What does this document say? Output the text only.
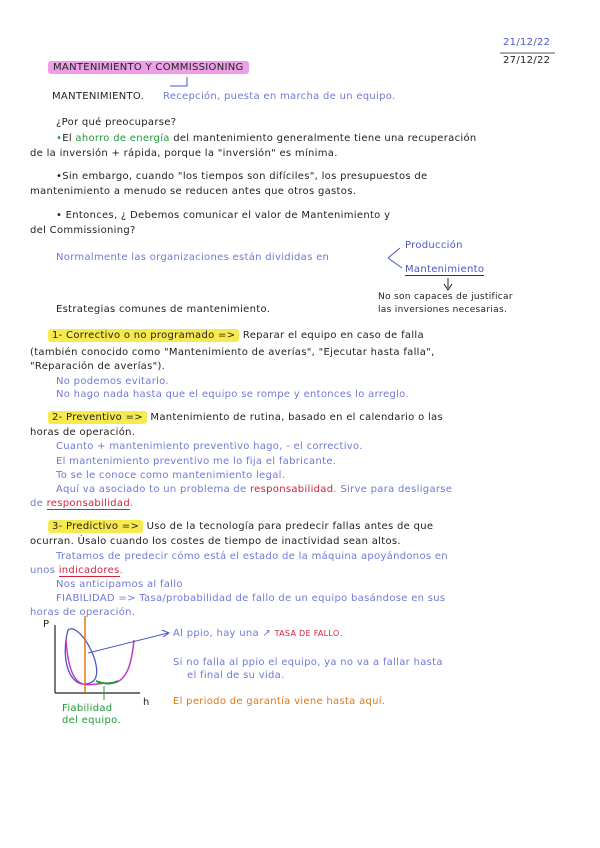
21/12/22
27/12/22
MANTENIMIENTO Y COMMISSIONING
MANTENIMIENTO. Recepción, puesta en marcha de un equipo.
¿Por qué preocuparse?
•El ahorro de energía del mantenimiento generalmente tiene una recuperación
de la inversión + rápida, porque la "inversión" es mínima.
•Sin embargo, cuando "los tiempos son difíciles", los presupuestos de
mantenimiento a menudo se reducen antes que otros gastos.
• Entonces, ¿ Debemos comunicar el valor de Mantenimiento y
del Commissioning?
Normalmente las organizaciones están divididas en
Producción
Mantenimiento
No son capaces de justificar
las inversiones necesarias.
Estrategias comunes de mantenimiento.
1- Correctivo o no programado => Reparar el equipo en caso de falla
(también conocido como "Mantenimiento de averías", "Ejecutar hasta falla",
"Reparación de averías").
No podemos evitarlo.
No hago nada hasta que el equipo se rompe y entonces lo arreglo.
2- Preventivo => Mantenimiento de rutina, basado en el calendario o las
horas de operación.
Cuanto + mantenimiento preventivo hago, - el correctivo.
El mantenimiento preventivo me lo fija el fabricante.
To se le conoce como mantenimiento legal.
Aquí va asociado to un problema de responsabilidad. Sirve para desligarse
de responsabilidad.
3- Predictivo => Uso de la tecnología para predecir fallas antes de que
ocurran. Úsalo cuando los costes de tiempo de inactividad sean altos.
Tratamos de predecir cómo está el estado de la máquina apoyándonos en
unos indicadores.
Nos anticipamos al fallo
FIABILIDAD => Tasa/probabilidad de fallo de un equipo basándose en sus
horas de operación.
P
h
Al ppio, hay una ↗ TASA DE FALLO.
Si no falla al ppio el equipo, ya no va a fallar hasta
el final de su vida.
El periodo de garantía viene hasta aquí.
Fiabilidad
del equipo.
